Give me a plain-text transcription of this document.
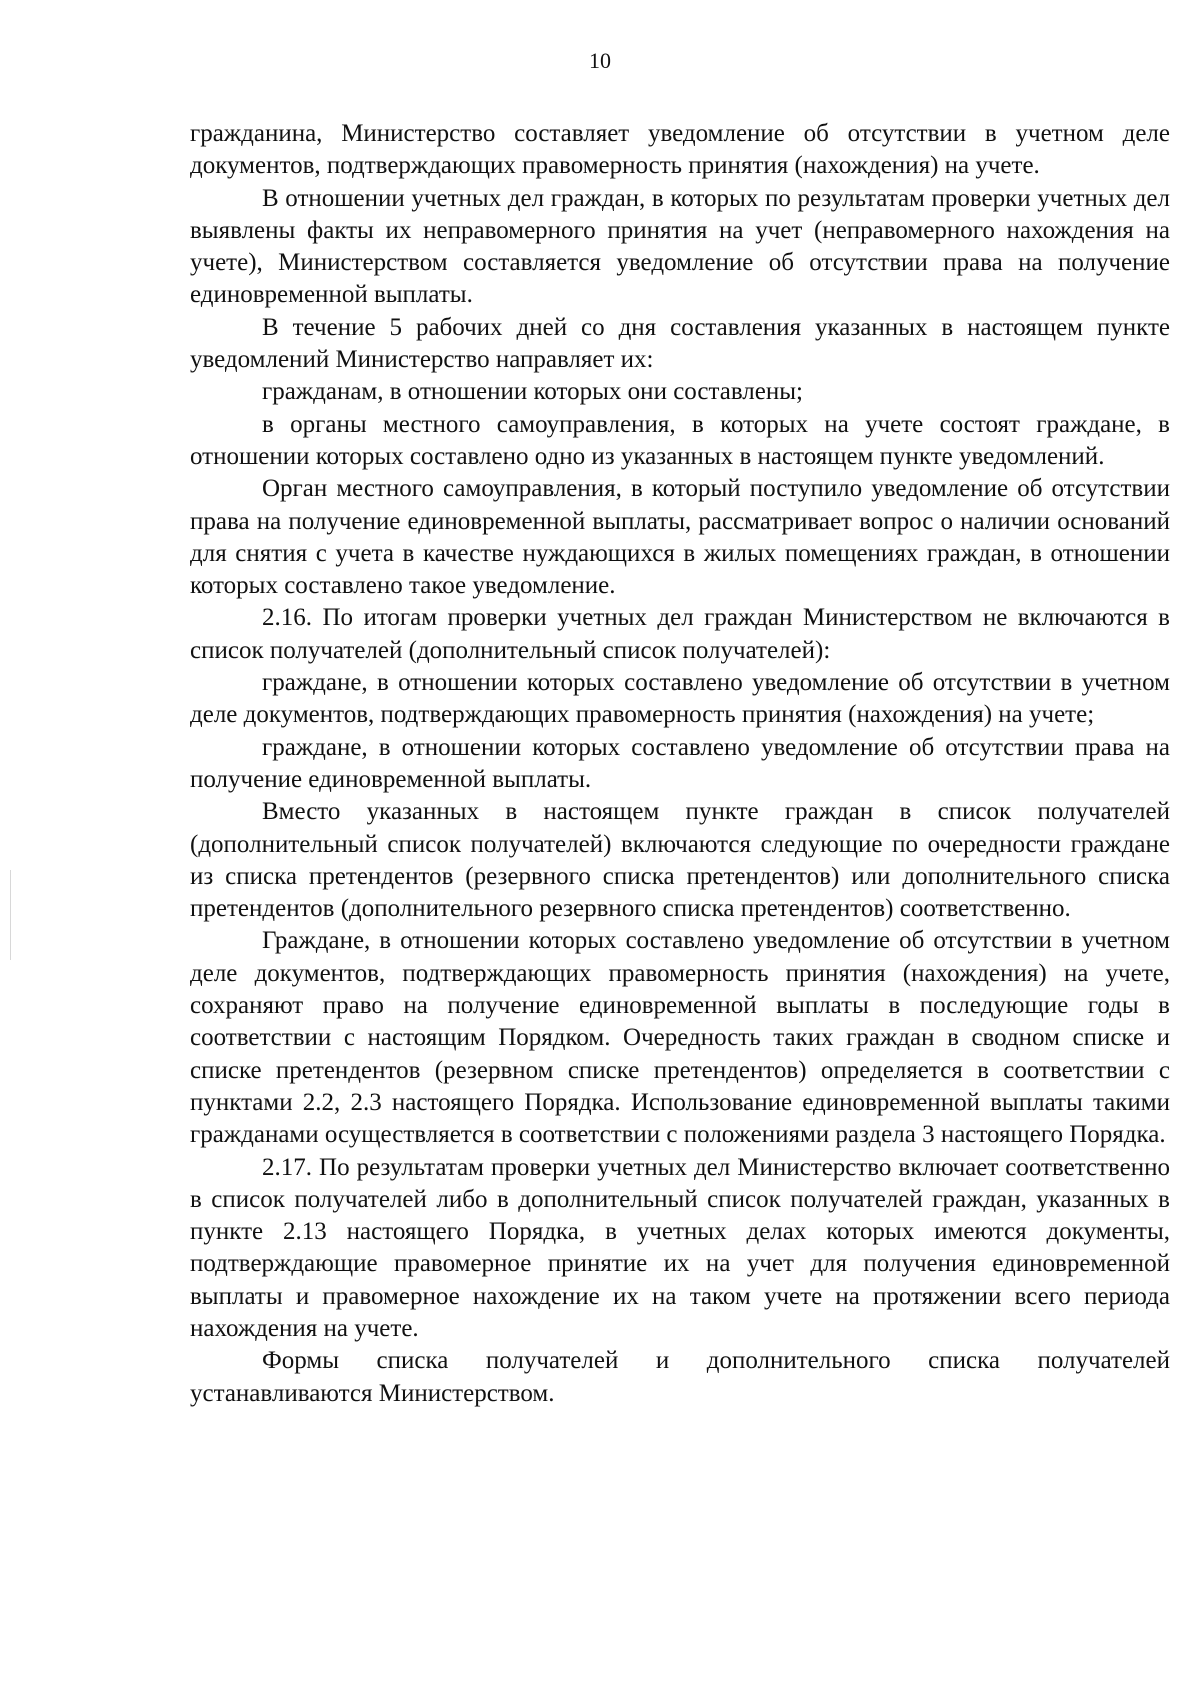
10

гражданина, Министерство составляет уведомление об отсутствии в учетном деле документов, подтверждающих правомерность принятия (нахождения) на учете.

В отношении учетных дел граждан, в которых по результатам проверки учетных дел выявлены факты их неправомерного принятия на учет (неправомерного нахождения на учете), Министерством составляется уведомление об отсутствии права на получение единовременной выплаты.

В течение 5 рабочих дней со дня составления указанных в настоящем пункте уведомлений Министерство направляет их:

гражданам, в отношении которых они составлены;

в органы местного самоуправления, в которых на учете состоят граждане, в отношении которых составлено одно из указанных в настоящем пункте уведомлений.

Орган местного самоуправления, в который поступило уведомление об отсутствии права на получение единовременной выплаты, рассматривает вопрос о наличии оснований для снятия с учета в качестве нуждающихся в жилых помещениях граждан, в отношении которых составлено такое уведомление.

2.16. По итогам проверки учетных дел граждан Министерством не включаются в список получателей (дополнительный список получателей):

граждане, в отношении которых составлено уведомление об отсутствии в учетном деле документов, подтверждающих правомерность принятия (нахождения) на учете;

граждане, в отношении которых составлено уведомление об отсутствии права на получение единовременной выплаты.

Вместо указанных в настоящем пункте граждан в список получателей (дополнительный список получателей) включаются следующие по очередности граждане из списка претендентов (резервного списка претендентов) или дополнительного списка претендентов (дополнительного резервного списка претендентов) соответственно.

Граждане, в отношении которых составлено уведомление об отсутствии в учетном деле документов, подтверждающих правомерность принятия (нахождения) на учете, сохраняют право на получение единовременной выплаты в последующие годы в соответствии с настоящим Порядком. Очередность таких граждан в сводном списке и списке претендентов (резервном списке претендентов) определяется в соответствии с пунктами 2.2, 2.3 настоящего Порядка. Использование единовременной выплаты такими гражданами осуществляется в соответствии с положениями раздела 3 настоящего Порядка.

2.17. По результатам проверки учетных дел Министерство включает соответственно в список получателей либо в дополнительный список получателей граждан, указанных в пункте 2.13 настоящего Порядка, в учетных делах которых имеются документы, подтверждающие правомерное принятие их на учет для получения единовременной выплаты и правомерное нахождение их на таком учете на протяжении всего периода нахождения на учете.

Формы списка получателей и дополнительного списка получателей устанавливаются Министерством.
